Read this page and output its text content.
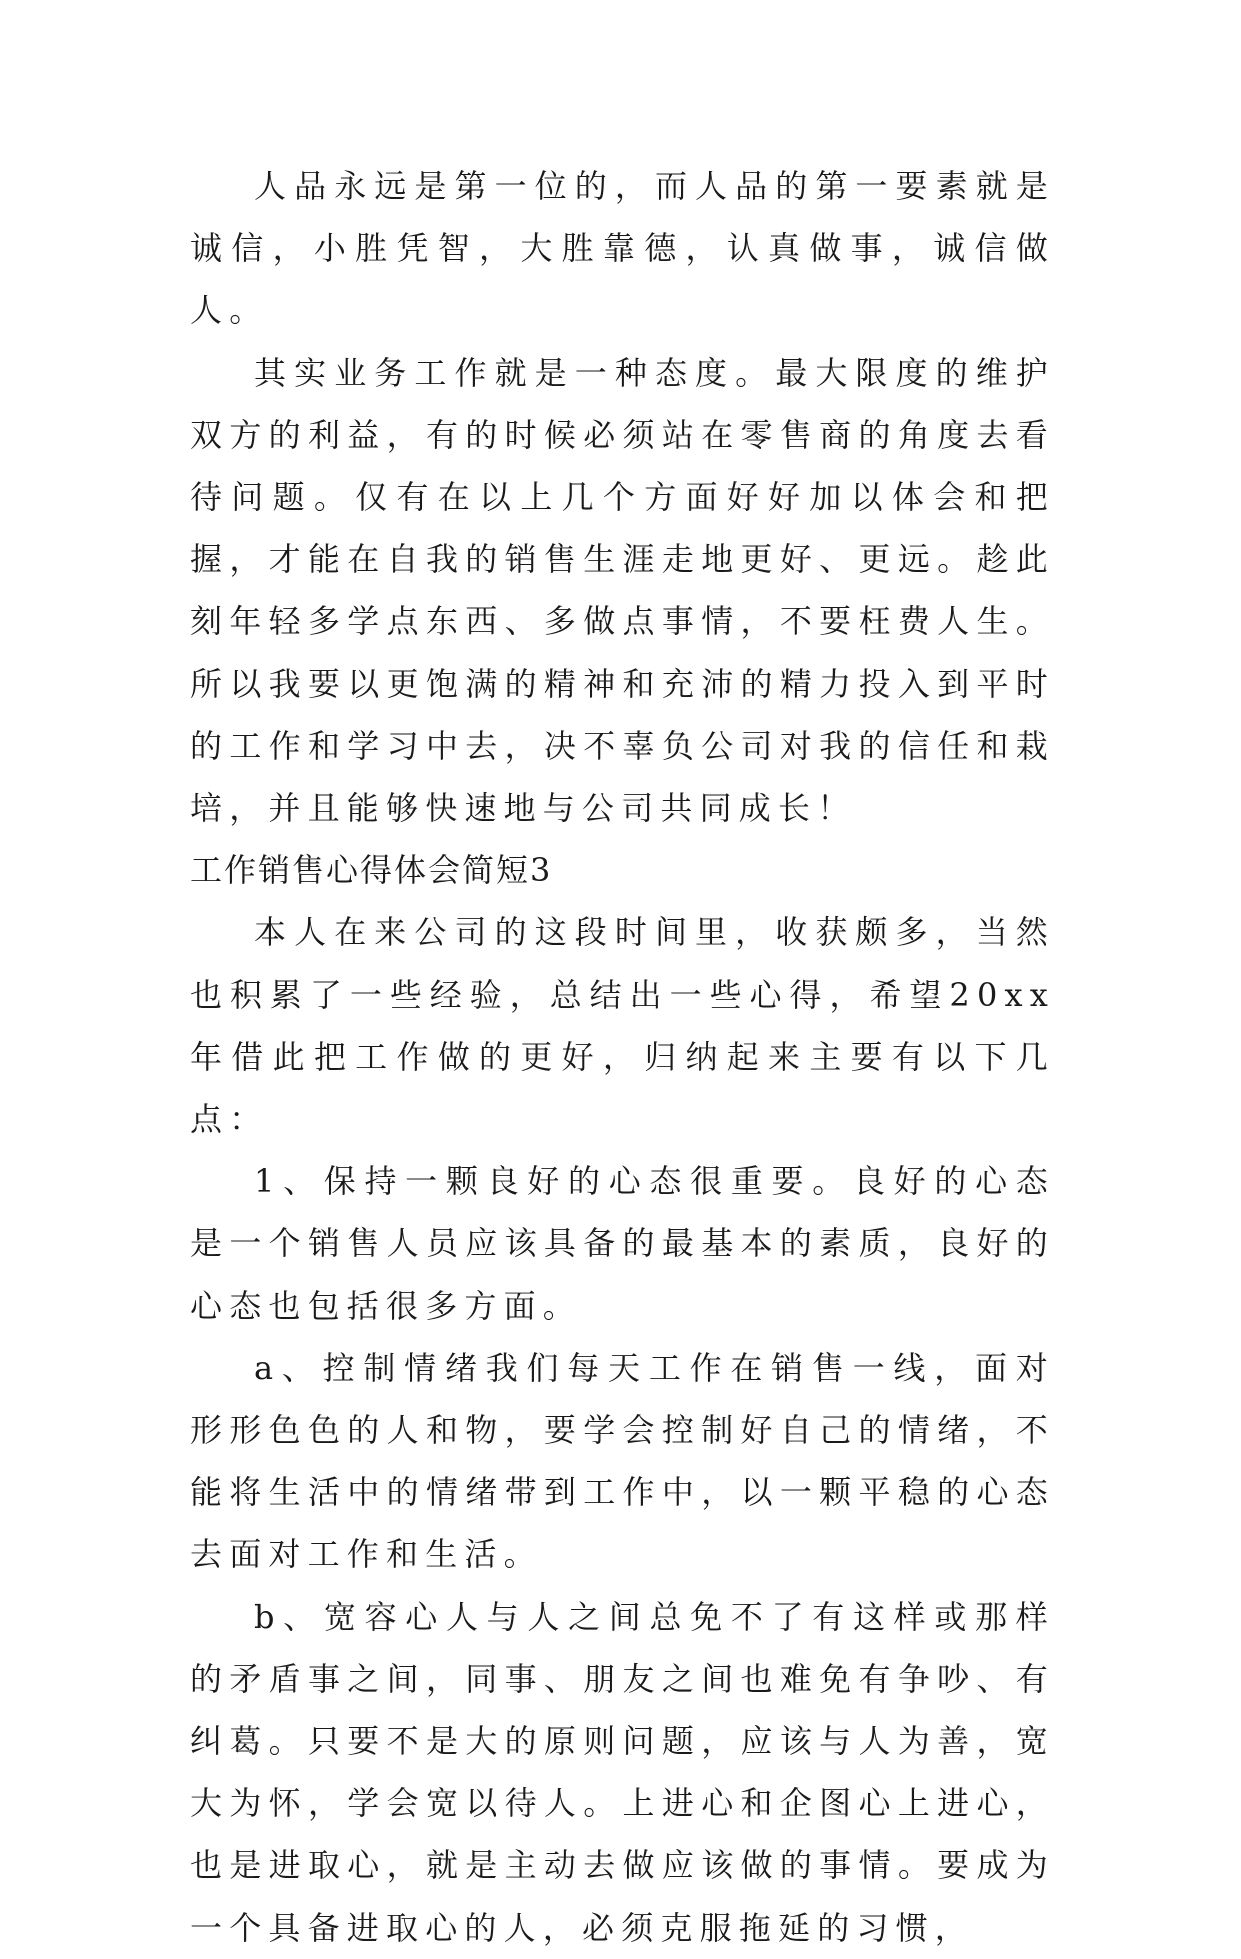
人品永远是第一位的，而人品的第一要素就是诚信，小胜凭智，大胜靠德，认真做事，诚信做人。

其实业务工作就是一种态度。最大限度的维护双方的利益，有的时候必须站在零售商的角度去看待问题。仅有在以上几个方面好好加以体会和把握，才能在自我的销售生涯走地更好、更远。趁此刻年轻多学点东西、多做点事情，不要枉费人生。所以我要以更饱满的精神和充沛的精力投入到平时的工作和学习中去，决不辜负公司对我的信任和栽培，并且能够快速地与公司共同成长！

工作销售心得体会简短3

本人在来公司的这段时间里，收获颇多，当然也积累了一些经验，总结出一些心得，希望20xx年借此把工作做的更好，归纳起来主要有以下几点：

1、保持一颗良好的心态很重要。良好的心态是一个销售人员应该具备的最基本的素质，良好的心态也包括很多方面。

a、控制情绪我们每天工作在销售一线，面对形形色色的人和物，要学会控制好自己的情绪，不能将生活中的情绪带到工作中，以一颗平稳的心态去面对工作和生活。

b、宽容心人与人之间总免不了有这样或那样的矛盾事之间，同事、朋友之间也难免有争吵、有纠葛。只要不是大的原则问题，应该与人为善，宽大为怀，学会宽以待人。上进心和企图心上进心，也是进取心，就是主动去做应该做的事情。要成为一个具备进取心的人，必须克服拖延的习惯，
